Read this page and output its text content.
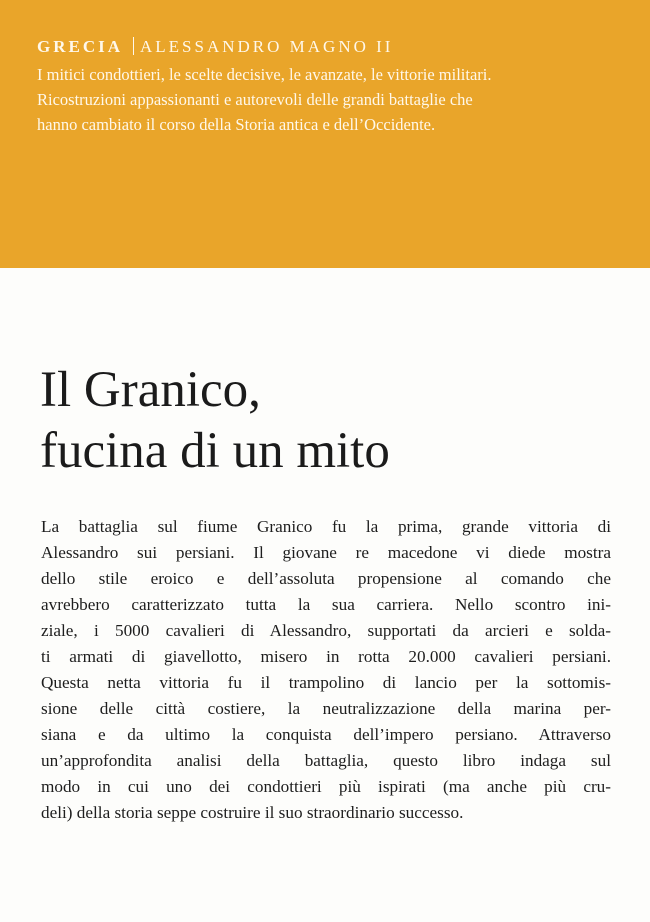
GRECIA ALESSANDRO MAGNO II

I mitici condottieri, le scelte decisive, le avanzate, le vittorie militari.
Ricostruzioni appassionanti e autorevoli delle grandi battaglie che
hanno cambiato il corso della Storia antica e dell’Occidente.

Il Granico,
fucina di un mito

La battaglia sul fiume Granico fu la prima, grande vittoria di
Alessandro sui persiani. Il giovane re macedone vi diede mostra
dello stile eroico e dell’assoluta propensione al comando che
avrebbero caratterizzato tutta la sua carriera. Nello scontro ini-
ziale, i 5000 cavalieri di Alessandro, supportati da arcieri e solda-
ti armati di giavellotto, misero in rotta 20.000 cavalieri persiani.
Questa netta vittoria fu il trampolino di lancio per la sottomis-
sione delle città costiere, la neutralizzazione della marina per-
siana e da ultimo la conquista dell’impero persiano. Attraverso
un’approfondita analisi della battaglia, questo libro indaga sul
modo in cui uno dei condottieri più ispirati (ma anche più cru-
deli) della storia seppe costruire il suo straordinario successo.
